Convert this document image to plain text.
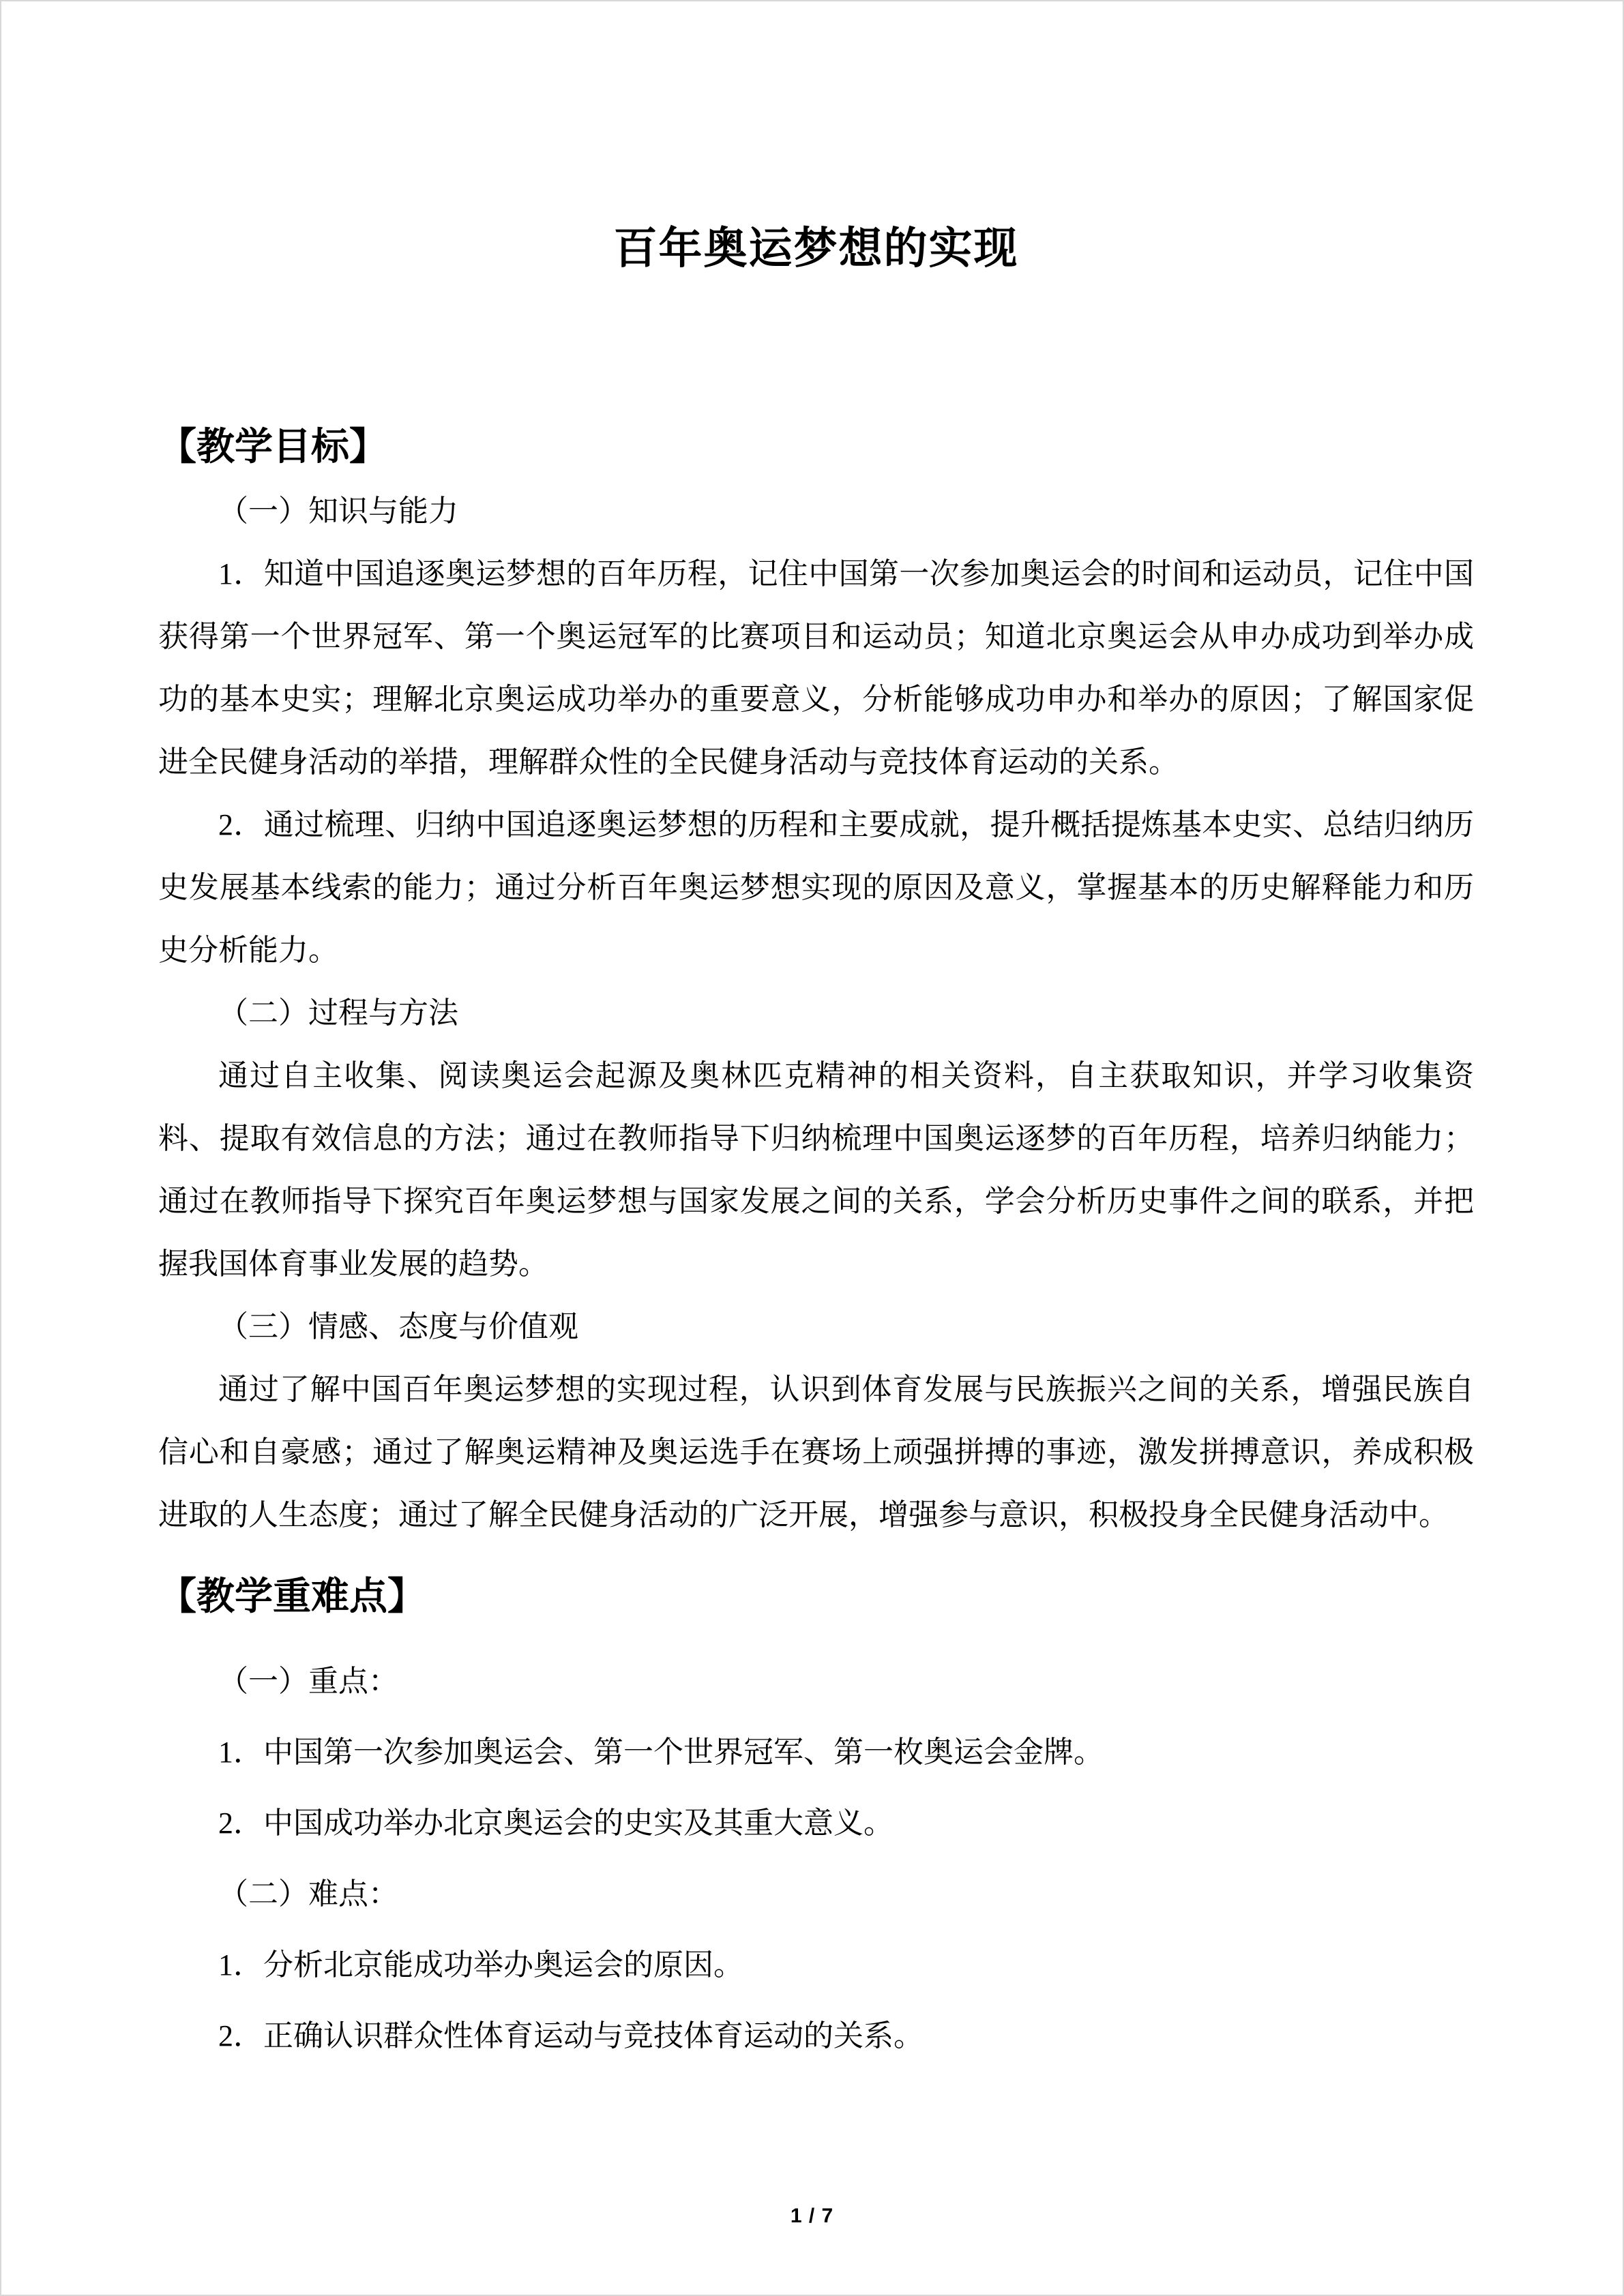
百年奥运梦想的实现
【教学目标】

（一）知识与能力

1．知道中国追逐奥运梦想的百年历程，记住中国第一次参加奥运会的时间和运动员，记住中国获得第一个世界冠军、第一个奥运冠军的比赛项目和运动员；知道北京奥运会从申办成功到举办成功的基本史实；理解北京奥运成功举办的重要意义，分析能够成功申办和举办的原因；了解国家促进全民健身活动的举措，理解群众性的全民健身活动与竞技体育运动的关系。

2．通过梳理、归纳中国追逐奥运梦想的历程和主要成就，提升概括提炼基本史实、总结归纳历史发展基本线索的能力；通过分析百年奥运梦想实现的原因及意义，掌握基本的历史解释能力和历史分析能力。

（二）过程与方法

通过自主收集、阅读奥运会起源及奥林匹克精神的相关资料，自主获取知识，并学习收集资料、提取有效信息的方法；通过在教师指导下归纳梳理中国奥运逐梦的百年历程，培养归纳能力；通过在教师指导下探究百年奥运梦想与国家发展之间的关系，学会分析历史事件之间的联系，并把握我国体育事业发展的趋势。

（三）情感、态度与价值观

通过了解中国百年奥运梦想的实现过程，认识到体育发展与民族振兴之间的关系，增强民族自信心和自豪感；通过了解奥运精神及奥运选手在赛场上顽强拼搏的事迹，激发拼搏意识，养成积极进取的人生态度；通过了解全民健身活动的广泛开展，增强参与意识，积极投身全民健身活动中。

【教学重难点】

（一）重点：

1．中国第一次参加奥运会、第一个世界冠军、第一枚奥运会金牌。

2．中国成功举办北京奥运会的史实及其重大意义。

（二）难点：

1．分析北京能成功举办奥运会的原因。

2．正确认识群众性体育运动与竞技体育运动的关系。

1 / 7
